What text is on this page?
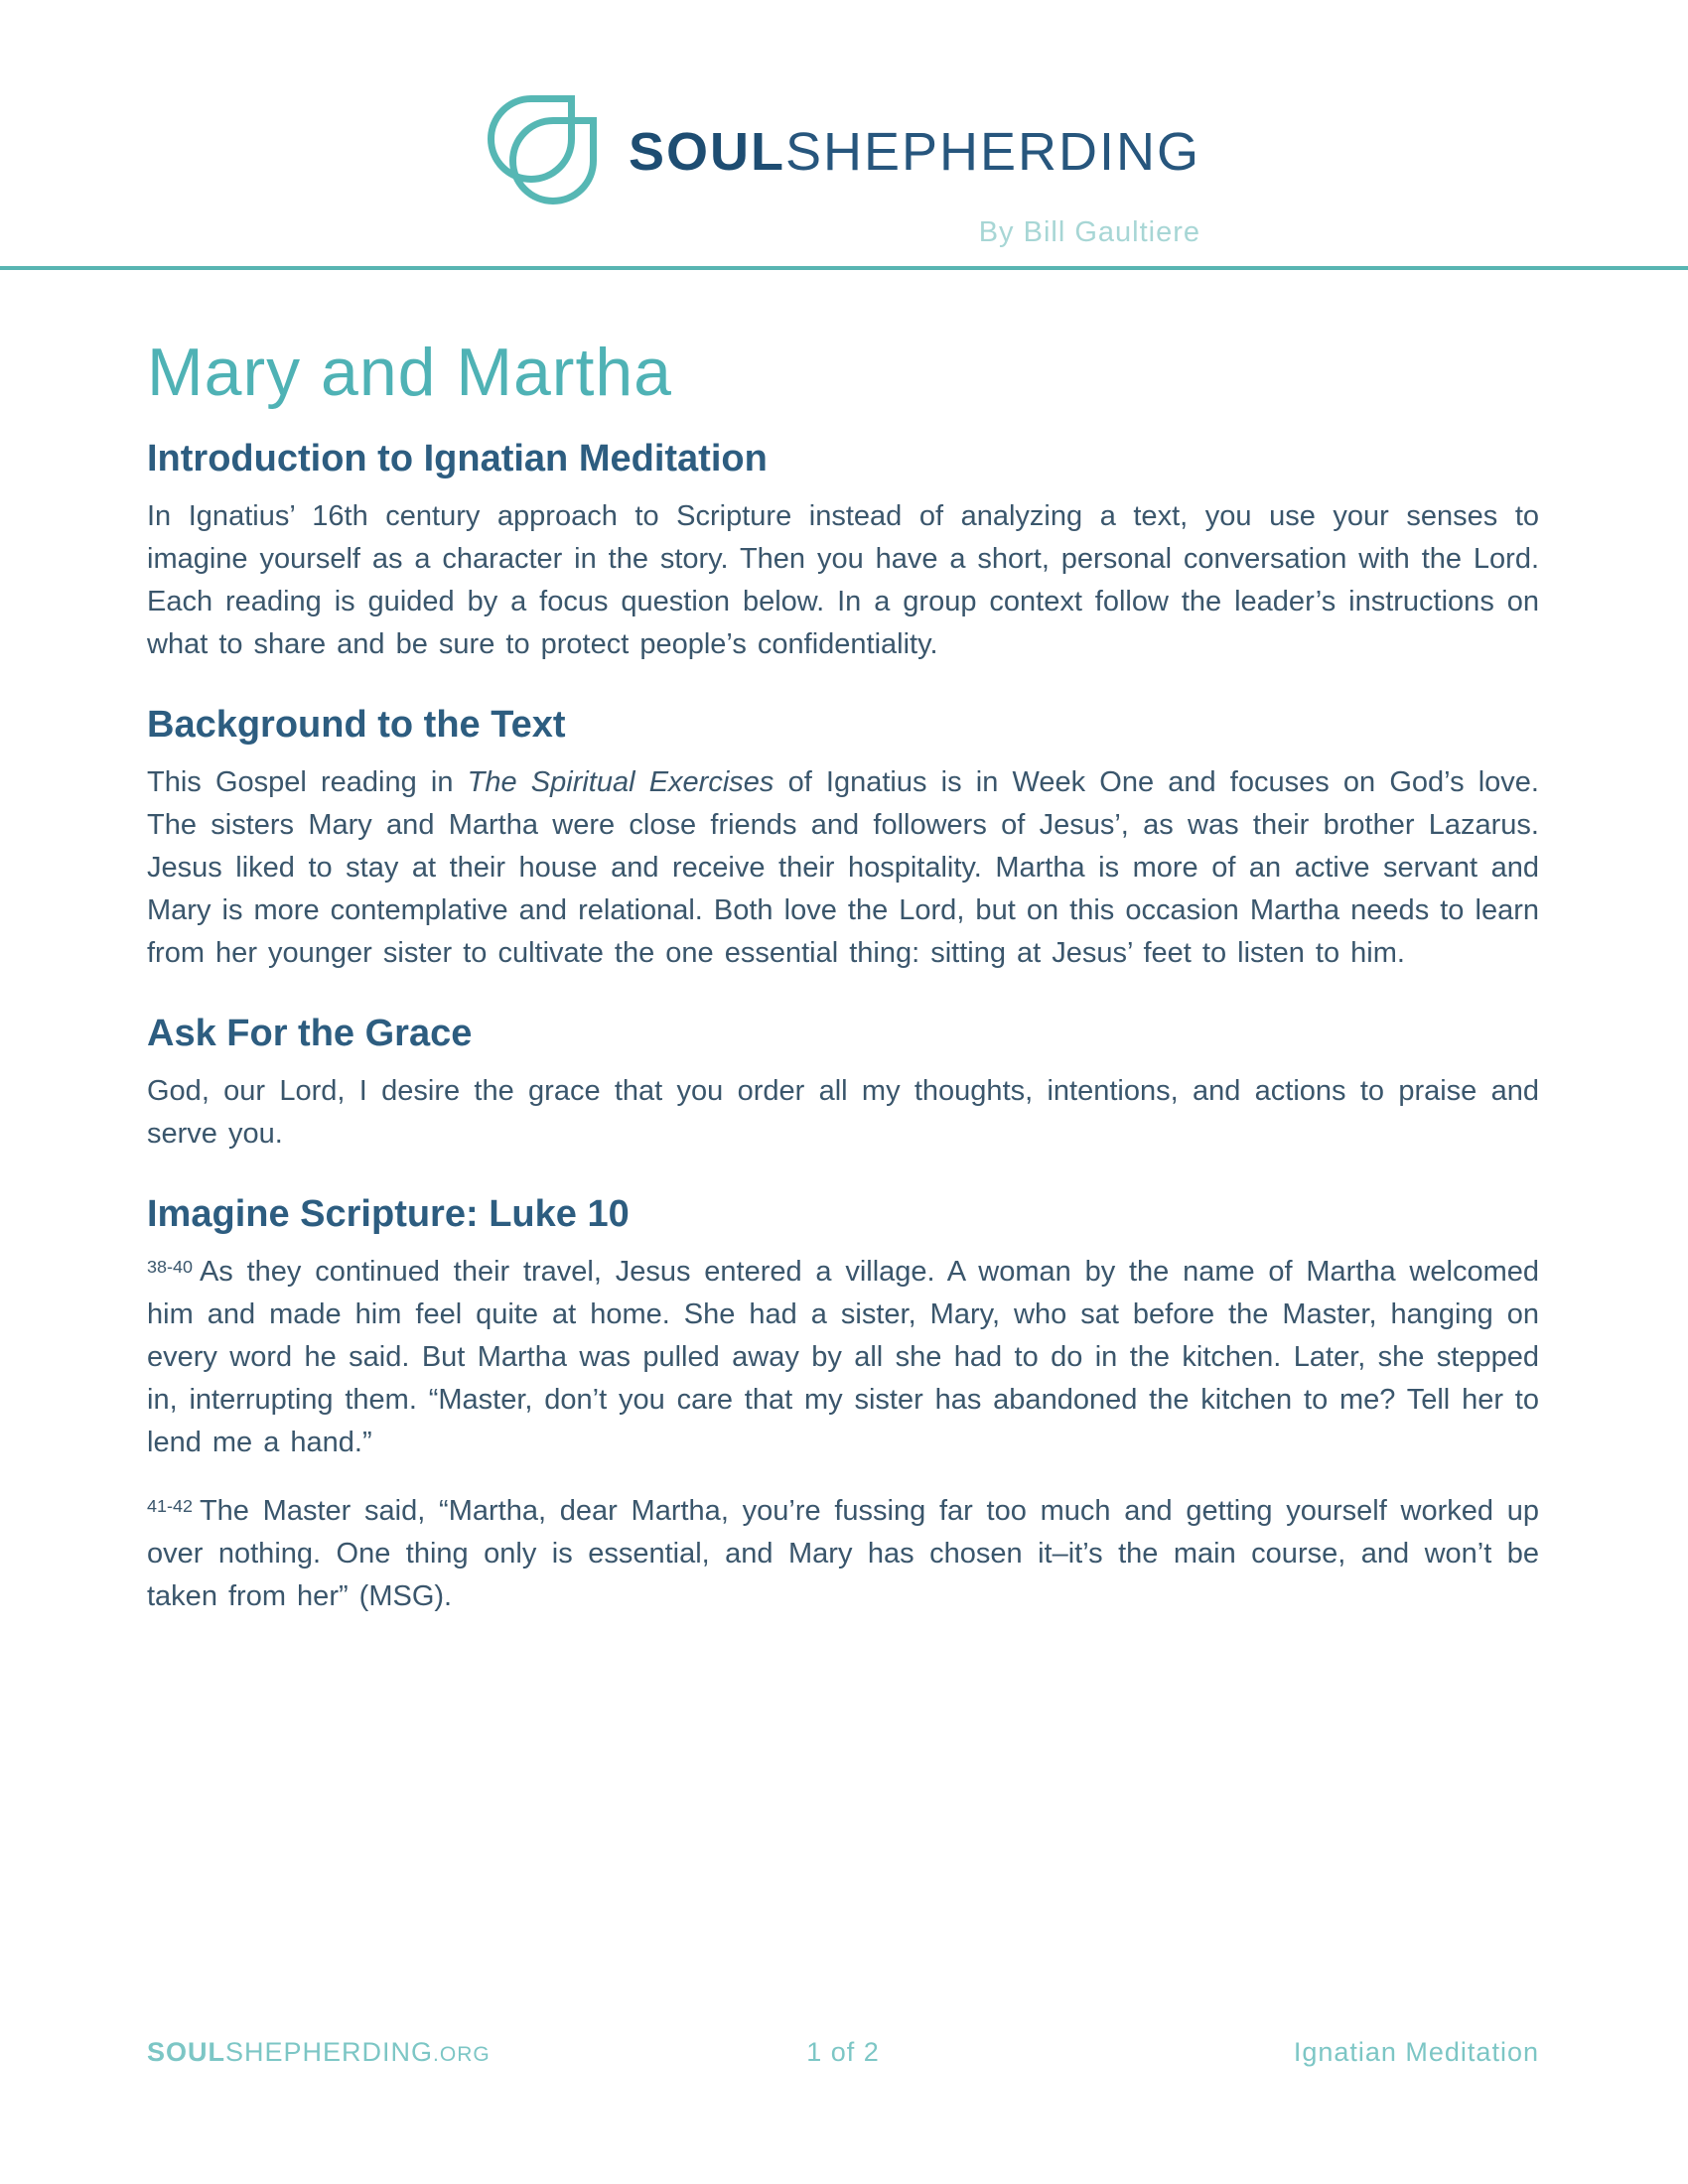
SOULSHEPHERDING
By Bill Gaultiere
Mary and Martha
Introduction to Ignatian Meditation

In Ignatius’ 16th century approach to Scripture instead of analyzing a text, you use your senses to imagine yourself as a character in the story. Then you have a short, personal conversation with the Lord. Each reading is guided by a focus question below. In a group context follow the leader’s instructions on what to share and be sure to protect people’s confidentiality.

Background to the Text

This Gospel reading in The Spiritual Exercises of Ignatius is in Week One and focuses on God’s love. The sisters Mary and Martha were close friends and followers of Jesus’, as was their brother Lazarus. Jesus liked to stay at their house and receive their hospitality. Martha is more of an active servant and Mary is more contemplative and relational. Both love the Lord, but on this occasion Martha needs to learn from her younger sister to cultivate the one essential thing: sitting at Jesus’ feet to listen to him.

Ask For the Grace

God, our Lord, I desire the grace that you order all my thoughts, intentions, and actions to praise and serve you.

Imagine Scripture: Luke 10

$^{38-40}$ As they continued their travel, Jesus entered a village. A woman by the name of Martha welcomed him and made him feel quite at home. She had a sister, Mary, who sat before the Master, hanging on every word he said. But Martha was pulled away by all she had to do in the kitchen. Later, she stepped in, interrupting them. “Master, don’t you care that my sister has abandoned the kitchen to me? Tell her to lend me a hand.”

$^{41-42}$ The Master said, “Martha, dear Martha, you’re fussing far too much and getting yourself worked up over nothing. One thing only is essential, and Mary has chosen it–it’s the main course, and won’t be taken from her” (MSG).

SOULSHEPHERDING.ORG	1 of 2	Ignatian Meditation
